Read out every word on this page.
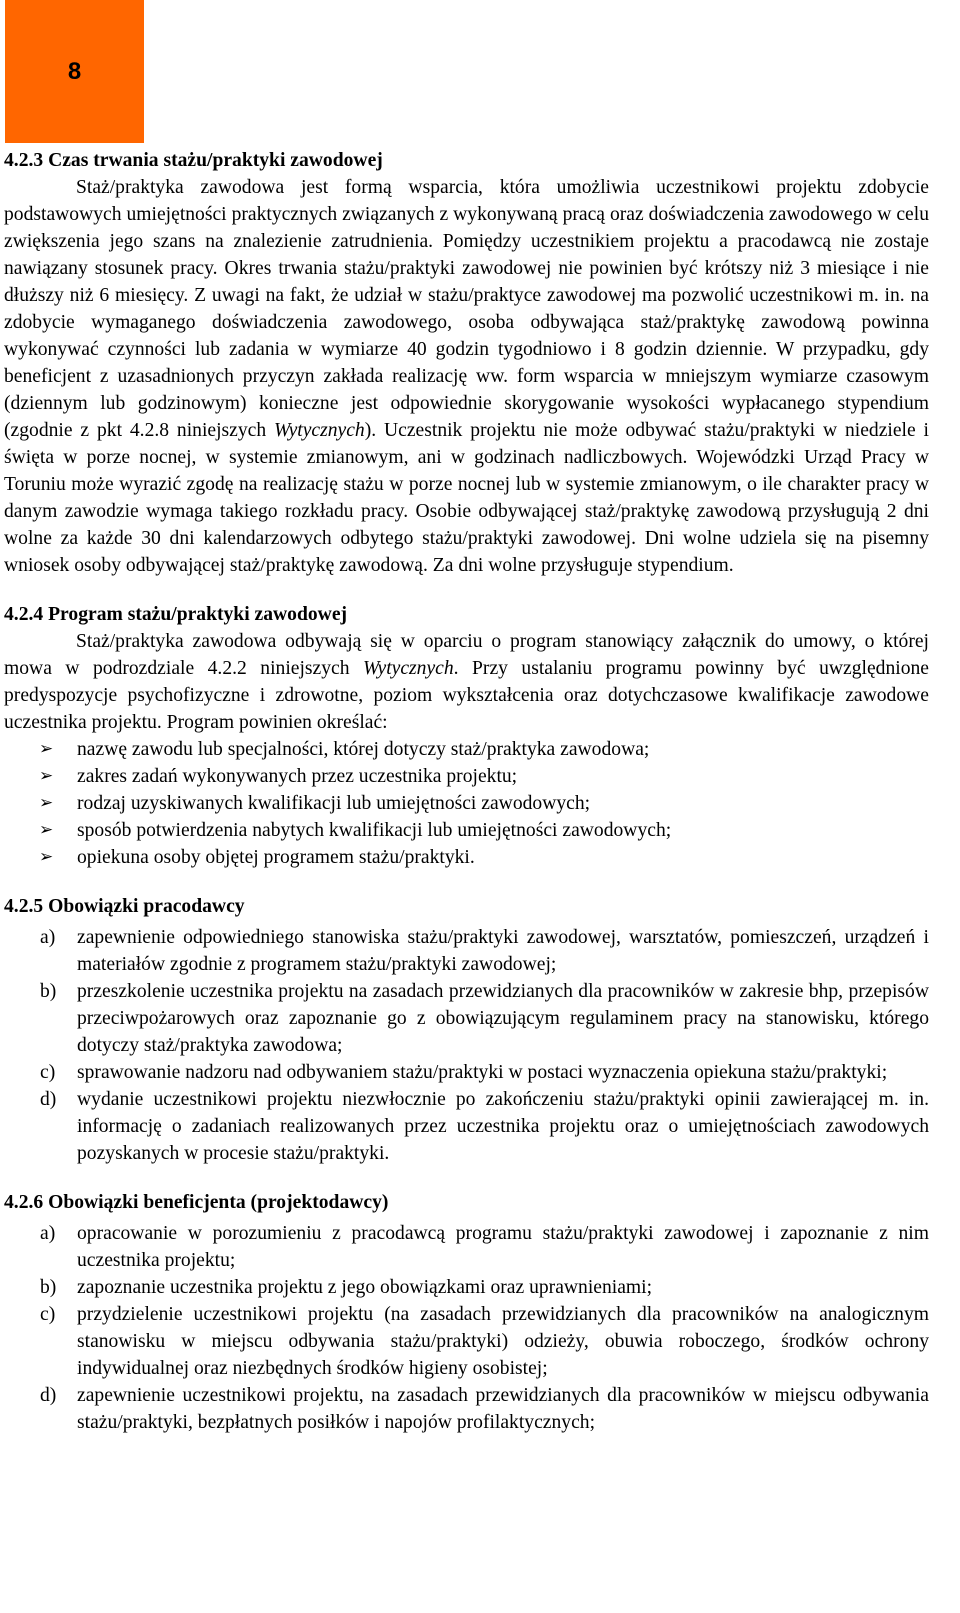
8
4.2.3 Czas trwania stażu/praktyki zawodowej

Staż/praktyka zawodowa jest formą wsparcia, która umożliwia uczestnikowi projektu zdobycie podstawowych umiejętności praktycznych związanych z wykonywaną pracą oraz doświadczenia zawodowego w celu zwiększenia jego szans na znalezienie zatrudnienia. Pomiędzy uczestnikiem projektu a pracodawcą nie zostaje nawiązany stosunek pracy. Okres trwania stażu/praktyki zawodowej nie powinien być krótszy niż 3 miesiące i nie dłuższy niż 6 miesięcy. Z uwagi na fakt, że udział w stażu/praktyce zawodowej ma pozwolić uczestnikowi m. in. na zdobycie wymaganego doświadczenia zawodowego, osoba odbywająca staż/praktykę zawodową powinna wykonywać czynności lub zadania w wymiarze 40 godzin tygodniowo i 8 godzin dziennie. W przypadku, gdy beneficjent z uzasadnionych przyczyn zakłada realizację ww. form wsparcia w mniejszym wymiarze czasowym (dziennym lub godzinowym) konieczne jest odpowiednie skorygowanie wysokości wypłacanego stypendium (zgodnie z pkt 4.2.8 niniejszych Wytycznych). Uczestnik projektu nie może odbywać stażu/praktyki w niedziele i święta w porze nocnej, w systemie zmianowym, ani w godzinach nadliczbowych. Wojewódzki Urząd Pracy w Toruniu może wyrazić zgodę na realizację stażu w porze nocnej lub w systemie zmianowym, o ile charakter pracy w danym zawodzie wymaga takiego rozkładu pracy. Osobie odbywającej staż/praktykę zawodową przysługują 2 dni wolne za każde 30 dni kalendarzowych odbytego stażu/praktyki zawodowej. Dni wolne udziela się na pisemny wniosek osoby odbywającej staż/praktykę zawodową. Za dni wolne przysługuje stypendium.

4.2.4 Program stażu/praktyki zawodowej

Staż/praktyka zawodowa odbywają się w oparciu o program stanowiący załącznik do umowy, o której mowa w podrozdziale 4.2.2 niniejszych Wytycznych. Przy ustalaniu programu powinny być uwzględnione predyspozycje psychofizyczne i zdrowotne, poziom wykształcenia oraz dotychczasowe kwalifikacje zawodowe uczestnika projektu. Program powinien określać:

➢ nazwę zawodu lub specjalności, której dotyczy staż/praktyka zawodowa;
➢ zakres zadań wykonywanych przez uczestnika projektu;
➢ rodzaj uzyskiwanych kwalifikacji lub umiejętności zawodowych;
➢ sposób potwierdzenia nabytych kwalifikacji lub umiejętności zawodowych;
➢ opiekuna osoby objętej programem stażu/praktyki.
4.2.5 Obowiązki pracodawcy
a) zapewnienie odpowiedniego stanowiska stażu/praktyki zawodowej, warsztatów, pomieszczeń, urządzeń i materiałów zgodnie z programem stażu/praktyki zawodowej;
b) przeszkolenie uczestnika projektu na zasadach przewidzianych dla pracowników w zakresie bhp, przepisów przeciwpożarowych oraz zapoznanie go z obowiązującym regulaminem pracy na stanowisku, którego dotyczy staż/praktyka zawodowa;
c) sprawowanie nadzoru nad odbywaniem stażu/praktyki w postaci wyznaczenia opiekuna stażu/praktyki;
d) wydanie uczestnikowi projektu niezwłocznie po zakończeniu stażu/praktyki opinii zawierającej m. in. informację o zadaniach realizowanych przez uczestnika projektu oraz o umiejętnościach zawodowych pozyskanych w procesie stażu/praktyki.
4.2.6 Obowiązki beneficjenta (projektodawcy)
a) opracowanie w porozumieniu z pracodawcą programu stażu/praktyki zawodowej i zapoznanie z nim uczestnika projektu;
b) zapoznanie uczestnika projektu z jego obowiązkami oraz uprawnieniami;
c) przydzielenie uczestnikowi projektu (na zasadach przewidzianych dla pracowników na analogicznym stanowisku w miejscu odbywania stażu/praktyki) odzieży, obuwia roboczego, środków ochrony indywidualnej oraz niezbędnych środków higieny osobistej;
d) zapewnienie uczestnikowi projektu, na zasadach przewidzianych dla pracowników w miejscu odbywania stażu/praktyki, bezpłatnych posiłków i napojów profilaktycznych;
